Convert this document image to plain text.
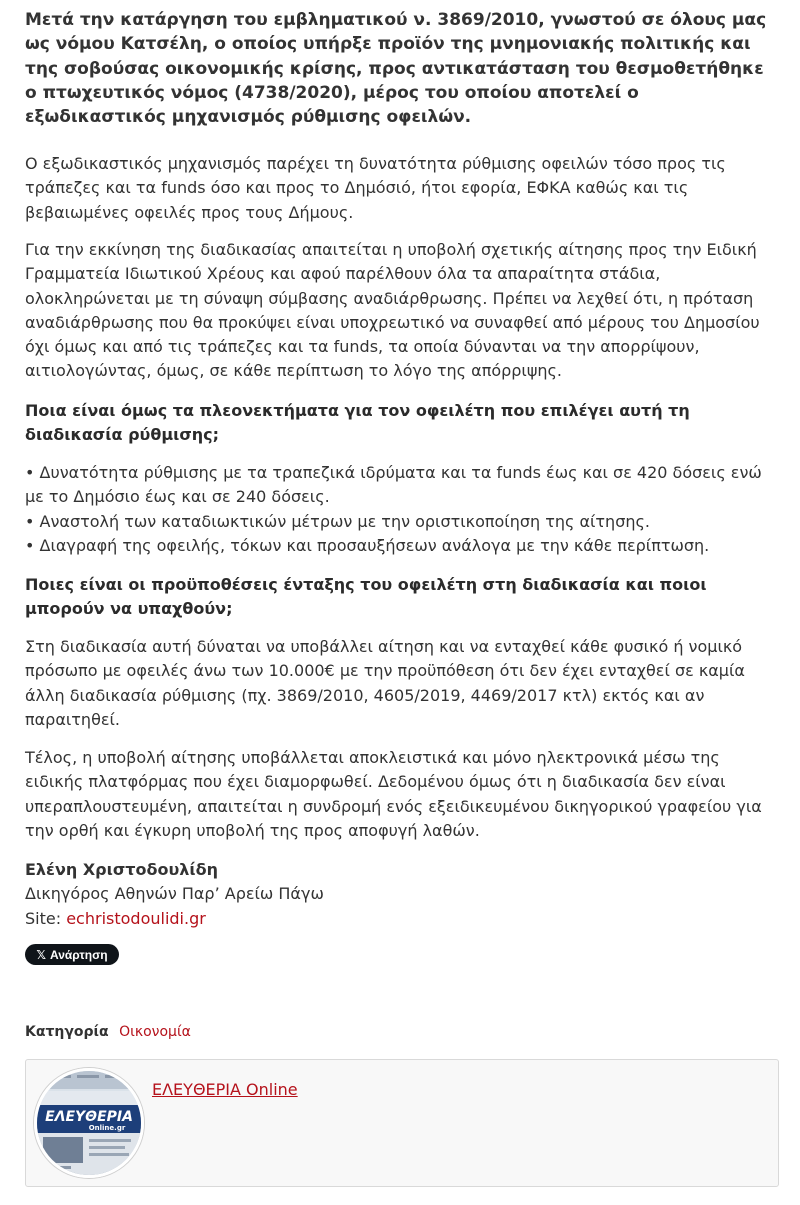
Μετά την κατάργηση του εμβληματικού ν. 3869/2010, γνωστού σε όλους μας ως νόμου Κατσέλη, ο οποίος υπήρξε προϊόν της μνημονιακής πολιτικής και της σοβούσας οικονομικής κρίσης, προς αντικατάσταση του θεσμοθετήθηκε ο πτωχευτικός νόμος (4738/2020), μέρος του οποίου αποτελεί ο εξωδικαστικός μηχανισμός ρύθμισης οφειλών.

Ο εξωδικαστικός μηχανισμός παρέχει τη δυνατότητα ρύθμισης οφειλών τόσο προς τις τράπεζες και τα funds όσο και προς το Δημόσιό, ήτοι εφορία, ΕΦΚΑ καθώς και τις βεβαιωμένες οφειλές προς τους Δήμους.

Για την εκκίνηση της διαδικασίας απαιτείται η υποβολή σχετικής αίτησης προς την Ειδική Γραμματεία Ιδιωτικού Χρέους και αφού παρέλθουν όλα τα απαραίτητα στάδια, ολοκληρώνεται με τη σύναψη σύμβασης αναδιάρθρωσης. Πρέπει να λεχθεί ότι, η πρόταση αναδιάρθρωσης που θα προκύψει είναι υποχρεωτικό να συναφθεί από μέρους του Δημοσίου όχι όμως και από τις τράπεζες και τα funds, τα οποία δύνανται να την απορρίψουν, αιτιολογώντας, όμως, σε κάθε περίπτωση το λόγο της απόρριψης.

Ποια είναι όμως τα πλεονεκτήματα για τον οφειλέτη που επιλέγει αυτή τη διαδικασία ρύθμισης;

• Δυνατότητα ρύθμισης με τα τραπεζικά ιδρύματα και τα funds έως και σε 420 δόσεις ενώ με το Δημόσιο έως και σε 240 δόσεις.
• Αναστολή των καταδιωκτικών μέτρων με την οριστικοποίηση της αίτησης.
• Διαγραφή της οφειλής, τόκων και προσαυξήσεων ανάλογα με την κάθε περίπτωση.

Ποιες είναι οι προϋποθέσεις ένταξης του οφειλέτη στη διαδικασία και ποιοι μπορούν να υπαχθούν;

Στη διαδικασία αυτή δύναται να υποβάλλει αίτηση και να ενταχθεί κάθε φυσικό ή νομικό πρόσωπο με οφειλές άνω των 10.000€ με την προϋπόθεση ότι δεν έχει ενταχθεί σε καμία άλλη διαδικασία ρύθμισης (πχ. 3869/2010, 4605/2019, 4469/2017 κτλ) εκτός και αν παραιτηθεί.

Τέλος, η υποβολή αίτησης υποβάλλεται αποκλειστικά και μόνο ηλεκτρονικά μέσω της ειδικής πλατφόρμας που έχει διαμορφωθεί. Δεδομένου όμως ότι η διαδικασία δεν είναι υπεραπλουστευμένη, απαιτείται η συνδρομή ενός εξειδικευμένου δικηγορικού γραφείου για την ορθή και έγκυρη υποβολή της προς αποφυγή λαθών.

Ελένη Χριστοδουλίδη
Δικηγόρος Αθηνών Παρ’ Αρείω Πάγω
Site: echristodoulidi.gr
𝕏 Ανάρτηση
Κατηγορία Οικονομία
ΕΛΕΥΘΕΡΙΑ
Online.gr
ΕΛΕΥΘΕΡΙΑ Online
